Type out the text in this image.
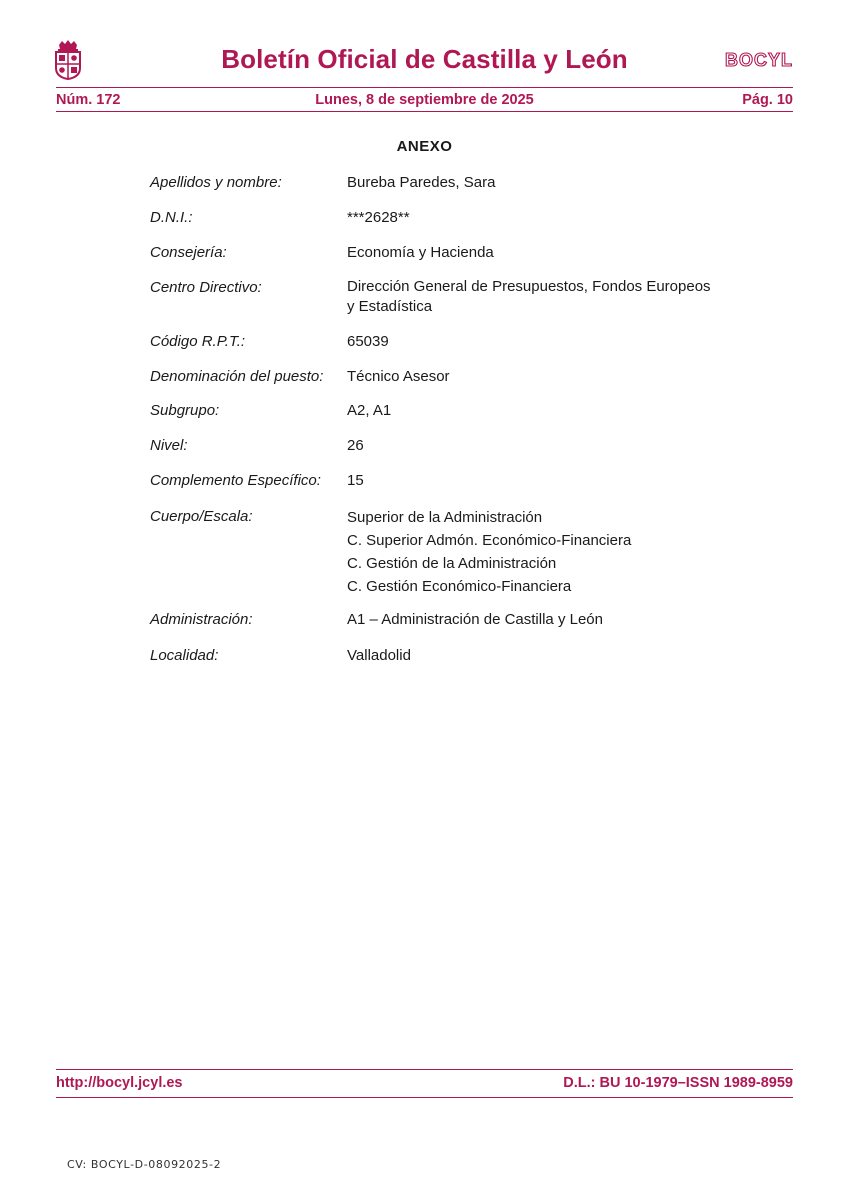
Boletín Oficial de Castilla y León	BOCYL
Núm. 172	Lunes, 8 de septiembre de 2025	Pág. 10
ANEXO
Apellidos y nombre:	Bureba Paredes, Sara
D.N.I.:	***2628**
Consejería:	Economía y Hacienda
Centro Directivo:	Dirección General de Presupuestos, Fondos Europeos
y Estadística
Código R.P.T.:	65039
Denominación del puesto: Técnico Asesor
Subgrupo:	A2, A1
Nivel:	26
Complemento Específico: 15
Cuerpo/Escala:	Superior de la Administración
C. Superior Admón. Económico-Financiera
C. Gestión de la Administración
C. Gestión Económico-Financiera
Administración:	A1 – Administración de Castilla y León
Localidad:	Valladolid
http://bocyl.jcyl.es	D.L.: BU 10-1979–ISSN 1989-8959
CV: BOCYL-D-08092025-2
